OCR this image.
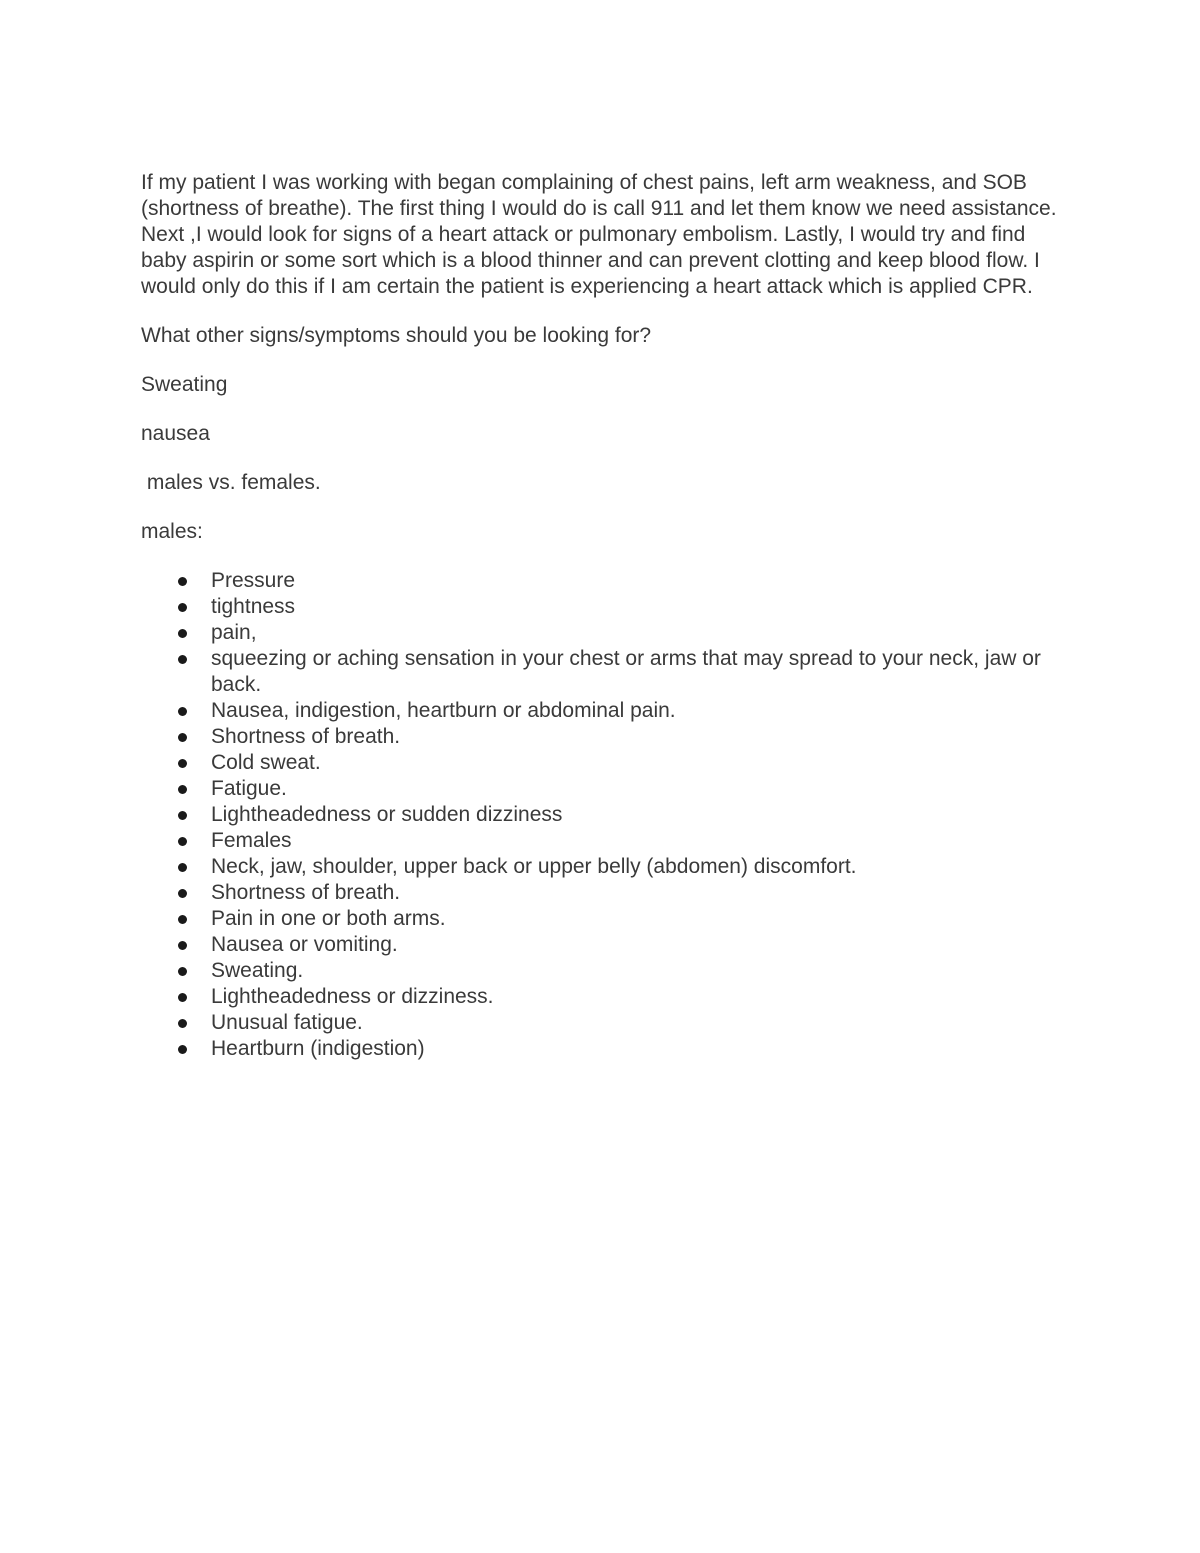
If my patient I was working with began complaining of chest pains, left arm weakness, and SOB (shortness of breathe). The first thing I would do is call 911 and let them know we need assistance. Next ,I would look for signs of a heart attack or pulmonary embolism. Lastly, I would try and find baby aspirin or some sort which is a blood thinner and can prevent clotting and keep blood flow. I would only do this if I am certain the patient is experiencing a heart attack which is applied CPR.

What other signs/symptoms should you be looking for?

Sweating

nausea

males vs. females.

males:

Pressure
tightness
pain,
squeezing or aching sensation in your chest or arms that may spread to your neck, jaw or back.
Nausea, indigestion, heartburn or abdominal pain.
Shortness of breath.
Cold sweat.
Fatigue.
Lightheadedness or sudden dizziness
Females
Neck, jaw, shoulder, upper back or upper belly (abdomen) discomfort.
Shortness of breath.
Pain in one or both arms.
Nausea or vomiting.
Sweating.
Lightheadedness or dizziness.
Unusual fatigue.
Heartburn (indigestion)
